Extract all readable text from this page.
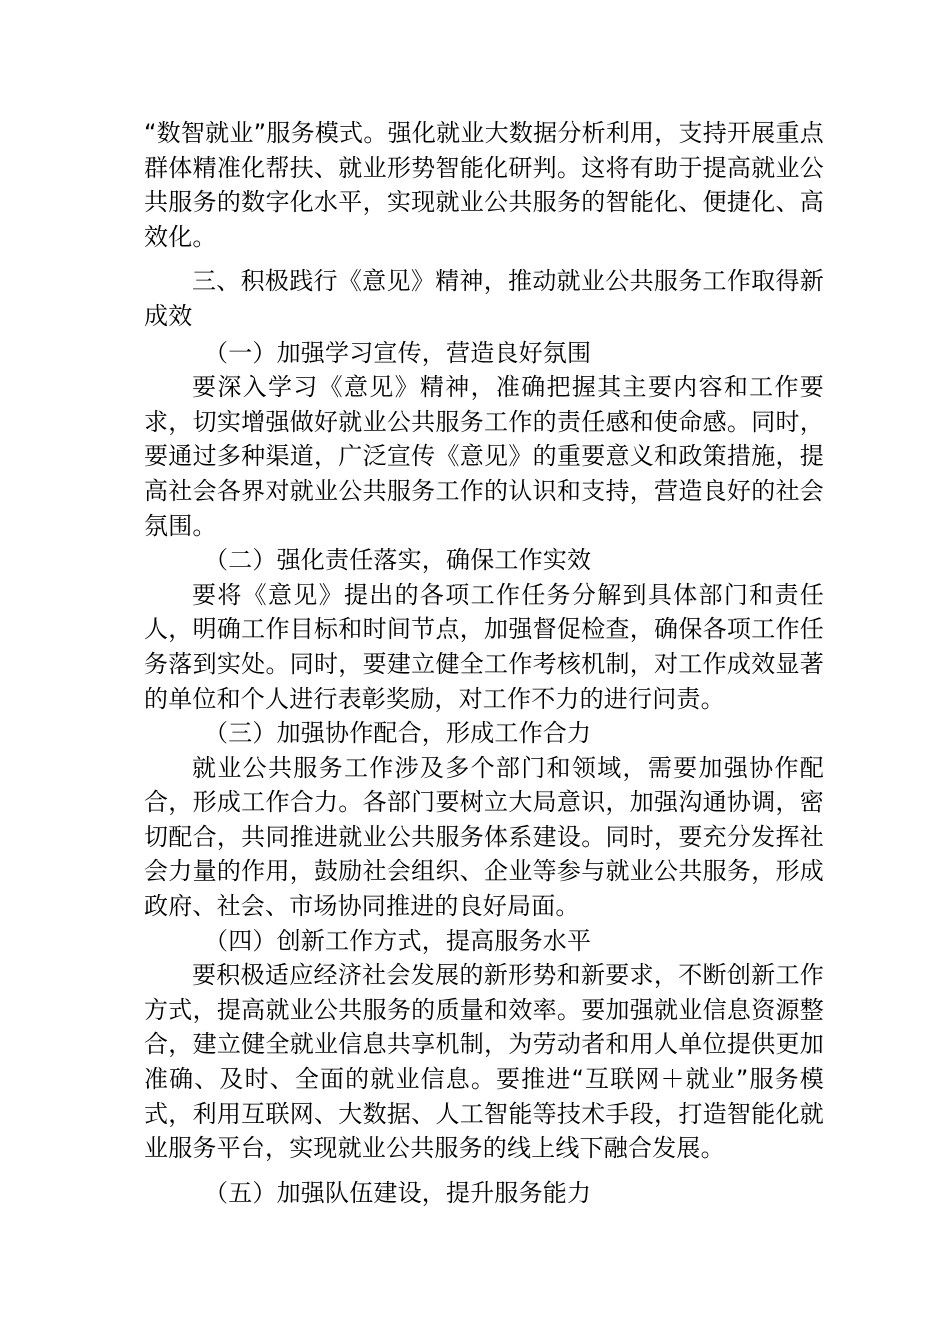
“数智就业”服务模式。强化就业大数据分析利用，支持开展重点群体精准化帮扶、就业形势智能化研判。这将有助于提高就业公共服务的数字化水平，实现就业公共服务的智能化、便捷化、高效化。

三、积极践行《意见》精神，推动就业公共服务工作取得新成效

（一）加强学习宣传，营造良好氛围

要深入学习《意见》精神，准确把握其主要内容和工作要求，切实增强做好就业公共服务工作的责任感和使命感。同时，要通过多种渠道，广泛宣传《意见》的重要意义和政策措施，提高社会各界对就业公共服务工作的认识和支持，营造良好的社会氛围。

（二）强化责任落实，确保工作实效

要将《意见》提出的各项工作任务分解到具体部门和责任人，明确工作目标和时间节点，加强督促检查，确保各项工作任务落到实处。同时，要建立健全工作考核机制，对工作成效显著的单位和个人进行表彰奖励，对工作不力的进行问责。

（三）加强协作配合，形成工作合力

就业公共服务工作涉及多个部门和领域，需要加强协作配合，形成工作合力。各部门要树立大局意识，加强沟通协调，密切配合，共同推进就业公共服务体系建设。同时，要充分发挥社会力量的作用，鼓励社会组织、企业等参与就业公共服务，形成政府、社会、市场协同推进的良好局面。

（四）创新工作方式，提高服务水平

要积极适应经济社会发展的新形势和新要求，不断创新工作方式，提高就业公共服务的质量和效率。要加强就业信息资源整合，建立健全就业信息共享机制，为劳动者和用人单位提供更加准确、及时、全面的就业信息。要推进“互联网＋就业”服务模式，利用互联网、大数据、人工智能等技术手段，打造智能化就业服务平台，实现就业公共服务的线上线下融合发展。

（五）加强队伍建设，提升服务能力
